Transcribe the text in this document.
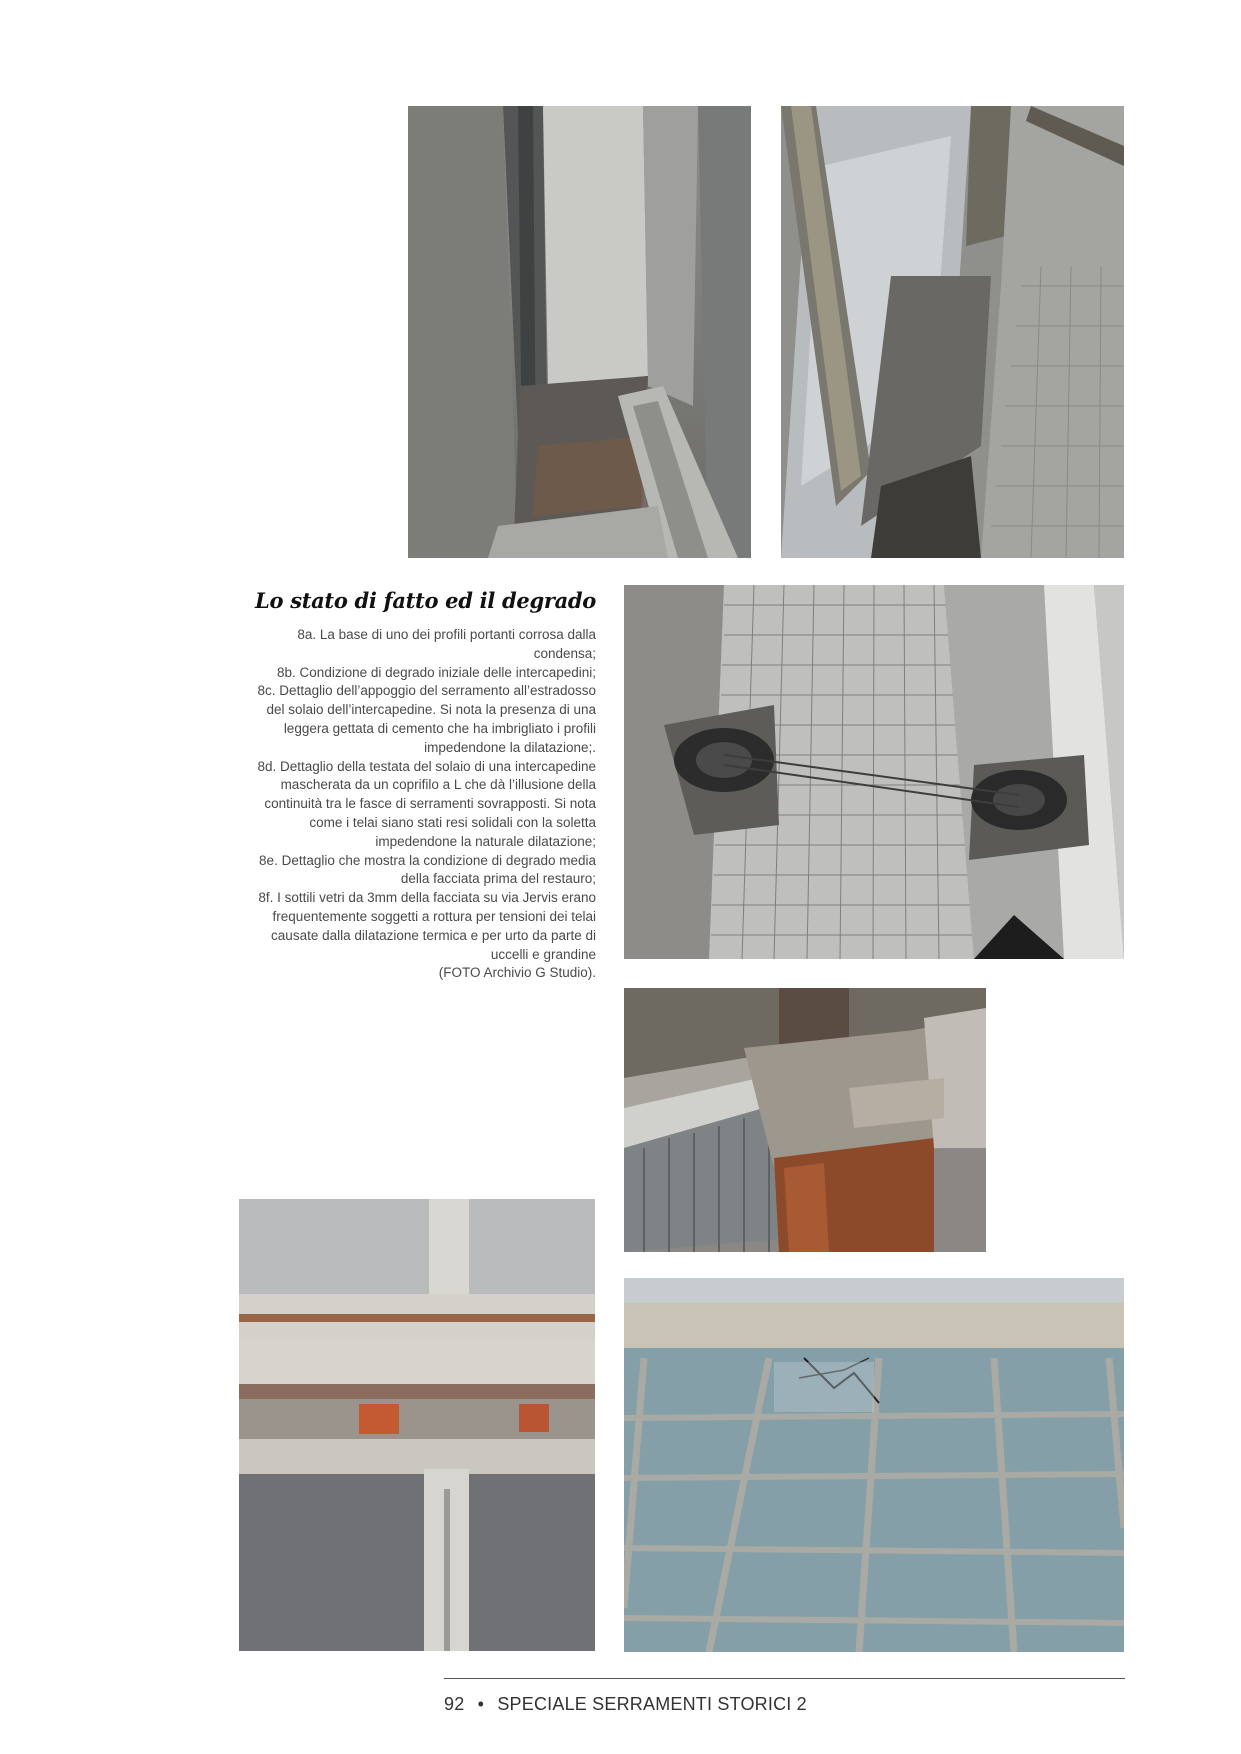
Lo stato di fatto ed il degrado

8a. La base di uno dei profili portanti corrosa dalla condensa;

8b. Condizione di degrado iniziale delle intercapedini;

8c. Dettaglio dell’appoggio del serramento all’estradosso del solaio dell’intercapedine. Si nota la presenza di una leggera gettata di cemento che ha imbrigliato i profili impedendone la dilatazione;.

8d. Dettaglio della testata del solaio di una intercapedine mascherata da un coprifilo a L che dà l’illusione della continuità tra le fasce di serramenti sovrapposti. Si nota come i telai siano stati resi solidali con la soletta impedendone la naturale dilatazione;

8e. Dettaglio che mostra la condizione di degrado media della facciata prima del restauro;

8f. I sottili vetri da 3mm della facciata su via Jervis erano frequentemente soggetti a rottura per tensioni dei telai causate dalla dilatazione termica e per urto da parte di uccelli e grandine

(FOTO Archivio G Studio).

92 • SPECIALE SERRAMENTI STORICI 2
